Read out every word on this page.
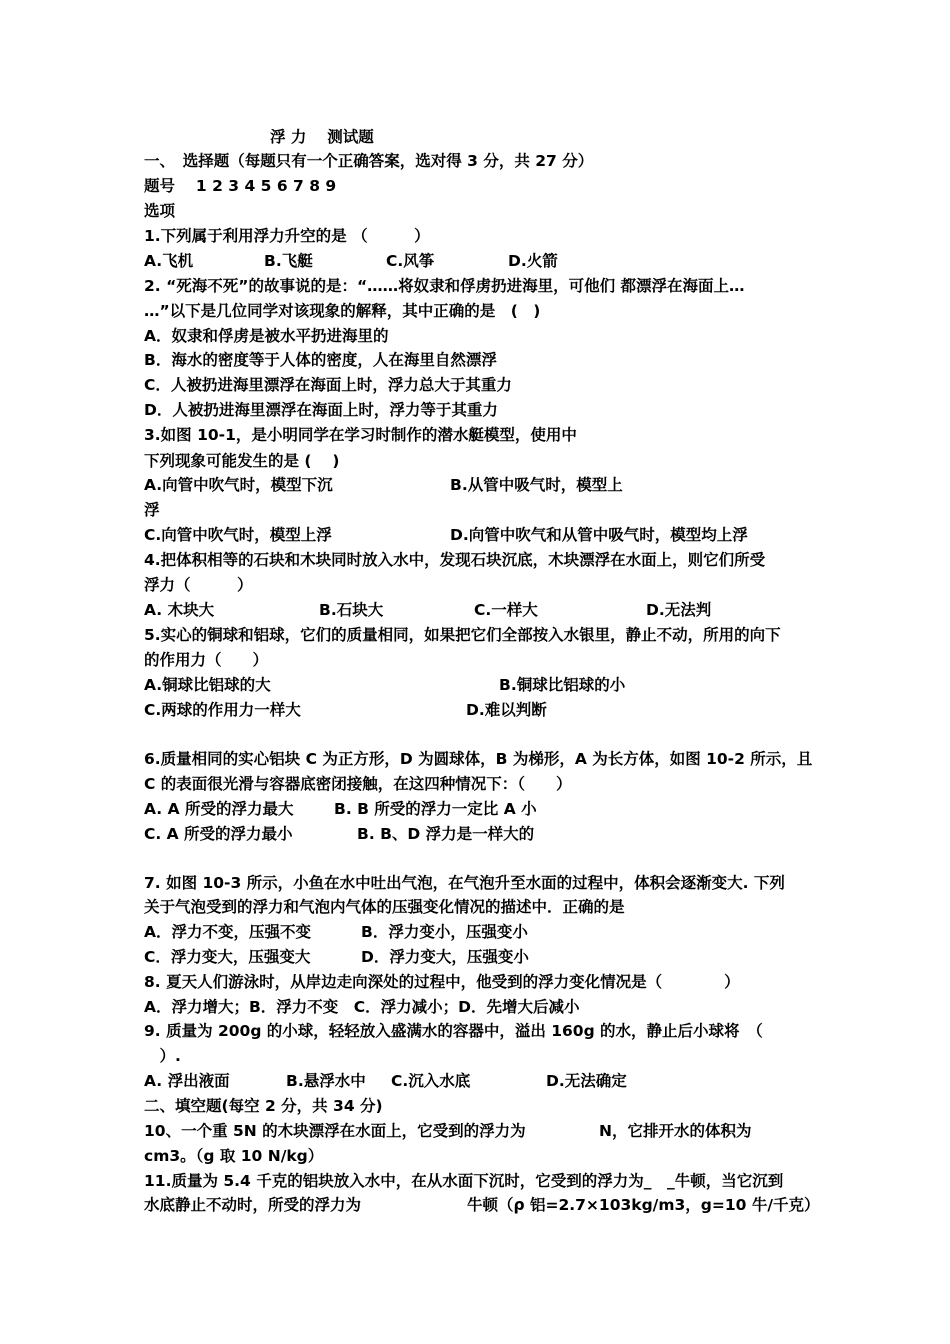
浮 力　 测试题
一、　选择题（每题只有一个正确答案，选对得 3 分，共 27 分）
题号　 1 2 3 4 5 6 7 8 9
选项
1.下列属于利用浮力升空的是 （　　　）
A.飞机	B.飞艇	C.风筝	D.火箭
2. “死海不死”的故事说的是：“……将奴隶和俘虏扔进海里，可他们 都漂浮在海面上…
…”以下是几位同学对该现象的解释，其中正确的是　(　)
A．奴隶和俘虏是被水平扔进海里的
B．海水的密度等于人体的密度，人在海里自然漂浮
C．人被扔进海里漂浮在海面上时，浮力总大于其重力
D．人被扔进海里漂浮在海面上时，浮力等于其重力
3.如图 10-1，是小明同学在学习时制作的潜水艇模型，使用中
下列现象可能发生的是 (　 )
A.向管中吹气时，模型下沉	B.从管中吸气时，模型上
浮
C.向管中吹气时，模型上浮	D.向管中吹气和从管中吸气时，模型均上浮
4.把体积相等的石块和木块同时放入水中，发现石块沉底，木块漂浮在水面上，则它们所受
浮力（　　　）
A. 木块大	B.石块大	C.一样大	D.无法判
5.实心的铜球和铝球，它们的质量相同，如果把它们全部按入水银里，静止不动，所用的向下
的作用力（　　）
A.铜球比铝球的大	B.铜球比铝球的小
C.两球的作用力一样大	D.难以判断
6.质量相同的实心铝块 C 为正方形，D 为圆球体，B 为梯形，A 为长方体，如图 10-2 所示，且
C 的表面很光滑与容器底密闭接触，在这四种情况下：（　　）
A. A 所受的浮力最大	B. B 所受的浮力一定比 A 小
C. A 所受的浮力最小	B. B、D 浮力是一样大的
7. 如图 10-3 所示，小鱼在水中吐出气泡，在气泡升至水面的过程中，体积会逐渐变大. 下列
关于气泡受到的浮力和气泡内气体的压强变化情况的描述中．正确的是
A．浮力不变，压强不变	B．浮力变小，压强变小
C．浮力变大，压强变大	D．浮力变大，压强变小
8. 夏天人们游泳时，从岸边走向深处的过程中，他受到的浮力变化情况是（　　　　）
A．浮力增大；B．浮力不变　C．浮力减小；D．先增大后减小
9. 质量为 200g 的小球，轻轻放入盛满水的容器中，溢出 160g 的水，静止后小球将　（
　）.
A. 浮出液面	B.悬浮水中 C.沉入水底	D.无法确定
二、填空题(每空 2 分，共 34 分)
10、一个重 5N 的木块漂浮在水面上，它受到的浮力为	N，它排开水的体积为
cm3。（g 取 10 N/kg）
11.质量为 5.4 千克的铝块放入水中，在从水面下沉时，它受到的浮力为_　_牛顿，当它沉到
水底静止不动时，所受的浮力为	牛顿（ρ 铝=2.7×103kg/m3，g=10 牛/千克）
